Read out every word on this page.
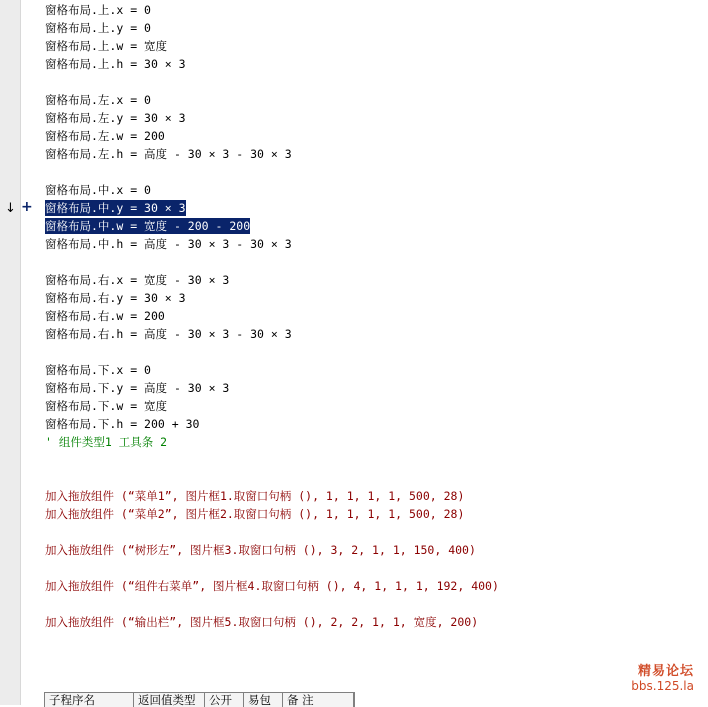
↓ +
窗格布局.上.x = 0
窗格布局.上.y = 0
窗格布局.上.w = 宽度
窗格布局.上.h = 30 × 3
窗格布局.左.x = 0
窗格布局.左.y = 30 × 3
窗格布局.左.w = 200
窗格布局.左.h = 高度 - 30 × 3 - 30 × 3
窗格布局.中.x = 0
窗格布局.中.y = 30 × 3
窗格布局.中.w = 宽度 - 200 - 200
窗格布局.中.h = 高度 - 30 × 3 - 30 × 3
窗格布局.右.x = 宽度 - 30 × 3
窗格布局.右.y = 30 × 3
窗格布局.右.w = 200
窗格布局.右.h = 高度 - 30 × 3 - 30 × 3
窗格布局.下.x = 0
窗格布局.下.y = 高度 - 30 × 3
窗格布局.下.w = 宽度
窗格布局.下.h = 200 + 30
' 组件类型1 工具条 2
加入拖放组件 (“菜单1”, 图片框1.取窗口句柄 (), 1, 1, 1, 1, 500, 28)
加入拖放组件 (“菜单2”, 图片框2.取窗口句柄 (), 1, 1, 1, 1, 500, 28)
加入拖放组件 (“树形左”, 图片框3.取窗口句柄 (), 3, 2, 1, 1, 150, 400)
加入拖放组件 (“组件右菜单”, 图片框4.取窗口句柄 (), 4, 1, 1, 1, 192, 400)
加入拖放组件 (“输出栏”, 图片框5.取窗口句柄 (), 2, 2, 1, 1, 宽度, 200)
精易论坛
bbs.125.la
子程序名	返回值类型	公开	易包	备 注
